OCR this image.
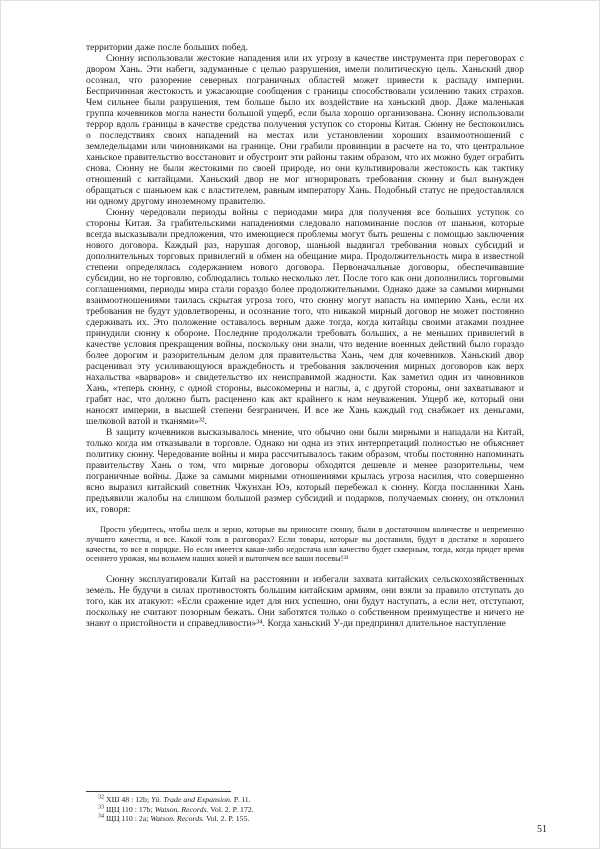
территории даже после больших побед.

Сюнну использовали жестокие нападения или их угрозу в качестве инструмента при переговорах с двором Хань. Эти набеги, задуманные с целью разрушения, имели политическую цель. Ханьский двор осознал, что разорение северных пограничных областей может привести к распаду империи. Беспричинная жестокость и ужасающие сообщения с границы способствовали усилению таких страхов. Чем сильнее были разрушения, тем больше было их воздействие на ханьский двор. Даже маленькая группа кочевников могла нанести большой ущерб, если была хорошо организована. Сюнну использовали террор вдоль границы в качестве средства получения уступок со стороны Китая. Сюнну не беспокоились о последствиях своих нападений на местах или установлении хороших взаимоотношений с земледельцами или чиновниками на границе. Они грабили провинции в расчете на то, что центральное ханьское правительство восстановит и обустроит эти районы таким образом, что их можно будет ограбить снова. Сюнну не были жестокими по своей природе, но они культивировали жестокость как тактику отношений с китайцами. Ханьский двор не мог игнорировать требования сюнну и был вынужден обращаться с шаньюем как с властителем, равным императору Хань. Подобный статус не предоставлялся ни одному другому иноземному правителю.

Сюнну чередовали периоды войны с периодами мира для получения все больших уступок со стороны Китая. За грабительскими нападениями следовало напоминание послов от шаньюя, которые всегда высказывали предложения, что имеющиеся проблемы могут быть решены с помощью заключения нового договора. Каждый раз, нарушая договор, шаньюй выдвигал требования новых субсидий и дополнительных торговых привилегий в обмен на обещание мира. Продолжительность мира в известной степени определялась содержанием нового договора. Первоначальные договоры, обеспечивавшие субсидии, но не торговлю, соблюдались только несколько лет. После того как они дополнились торговыми соглашениями, периоды мира стали гораздо более продолжительными. Однако даже за самыми мирными взаимоотношениями таилась скрытая угроза того, что сюнну могут напасть на империю Хань, если их требования не будут удовлетворены, и осознание того, что никакой мирный договор не может постоянно сдерживать их. Это положение оставалось верным даже тогда, когда китайцы своими атаками позднее принудили сюнну к обороне. Последние продолжали требовать больших, а не меньших привилегий в качестве условия прекращения войны, поскольку они знали, что ведение военных действий было гораздо более дорогим и разорительным делом для правительства Хань, чем для кочевников. Ханьский двор расценивал эту усиливающуюся враждебность и требования заключения мирных договоров как верх нахальства «варваров» и свидетельство их неисправимой жадности. Как заметил один из чиновников Хань, «теперь сюнну, с одной стороны, высокомерны и наглы, а, с другой стороны, они захватывают и грабят нас, что должно быть расценено как акт крайнего к нам неуважения. Ущерб же, который они наносят империи, в высшей степени безграничен. И все же Хань каждый год снабжает их деньгами, шелковой ватой и тканями»³².

В защиту кочевников высказывалось мнение, что обычно они были мирными и нападали на Китай, только когда им отказывали в торговле. Однако ни одна из этих интерпретаций полностью не объясняет политику сюнну. Чередование войны и мира рассчитывалось таким образом, чтобы постоянно напоминать правительству Хань о том, что мирные договоры обходятся дешевле и менее разорительны, чем пограничные войны. Даже за самыми мирными отношениями крылась угроза насилия, что совершенно ясно выразил китайский советник Чжунхан Юэ, который перебежал к сюнну. Когда посланники Хань предъявили жалобы на слишком большой размер субсидий и подарков, получаемых сюнну, он отклонил их, говоря:

Просто убедитесь, чтобы шелк и зерно, которые вы приносите сюнну, были в достаточном количестве и непременно лучшего качества, и все. Какой толк в разговорах? Если товары, которые вы доставили, будут в достатке и хорошего качества, то все в порядке. Но если имеется какая-либо недостача или качество будет скверным, тогда, когда придет время осеннего урожая, мы возьмем наших коней и вытопчем все ваши посевы!³³

Сюнну эксплуатировали Китай на расстоянии и избегали захвата китайских сельскохозяйственных земель. Не будучи в силах противостоять большим китайским армиям, они взяли за правило отступать до того, как их атакуют: «Если сражение идет для них успешно, они будут наступать, а если нет, отступают, поскольку не считают позорным бежать. Они заботятся только о собственном преимуществе и ничего не знают о пристойности и справедливости»³⁴. Когда ханьский У-ди предпринял длительное наступление

$^{32}$ ХШ 48 : 12b; Yü. Trade and Expansion. P. 11.
$^{33}$ ЩЦ 110 : 17b; Watson. Records. Vol. 2. P. 172.
$^{34}$ ЩЦ 110 : 2a; Watson. Records. Vol. 2. P. 155.
51
